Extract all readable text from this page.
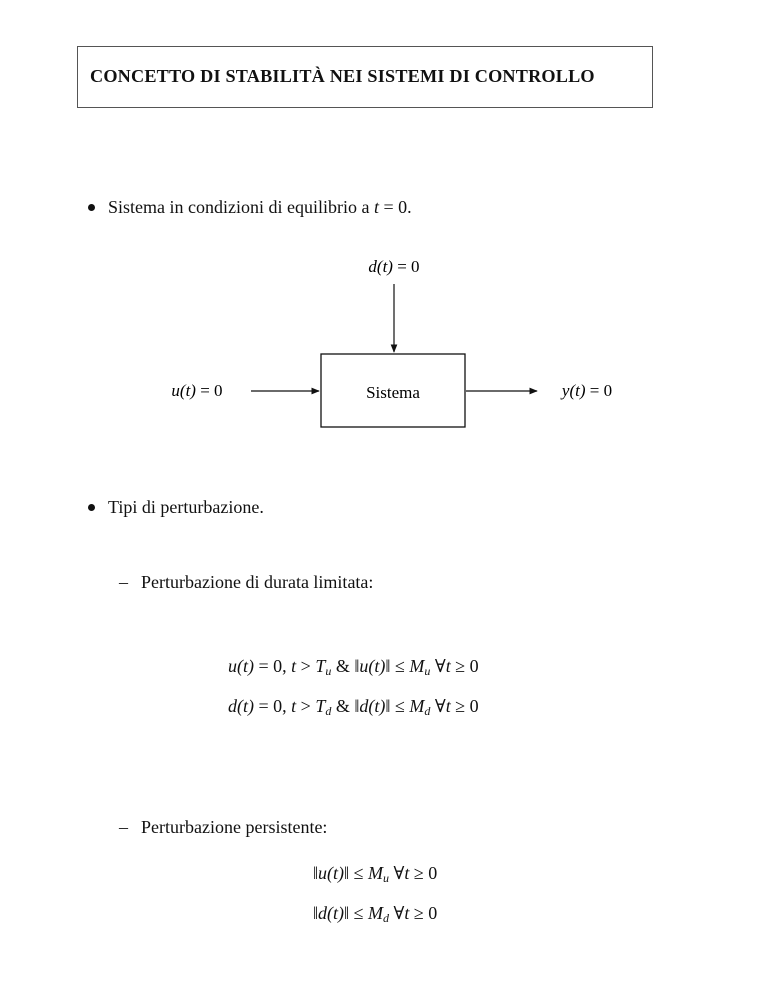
CONCETTO DI STABILITÀ NEI SISTEMI DI CONTROLLO
Sistema in condizioni di equilibrio a t = 0.
Sistema
d(t) = 0
u(t) = 0	y(t) = 0
Tipi di perturbazione.
– Perturbazione di durata limitata:
u(t) = 0, $t > T_u$ & ‖u(t)‖ ≤ $M_u$ ∀t ≥ 0
d(t) = 0, $t > T_d$ & ‖d(t)‖ ≤ $M_d$ ∀t ≥ 0
– Perturbazione persistente:
‖u(t)‖ ≤ $M_u$ ∀t ≥ 0
‖d(t)‖ ≤ $M_d$ ∀t ≥ 0
